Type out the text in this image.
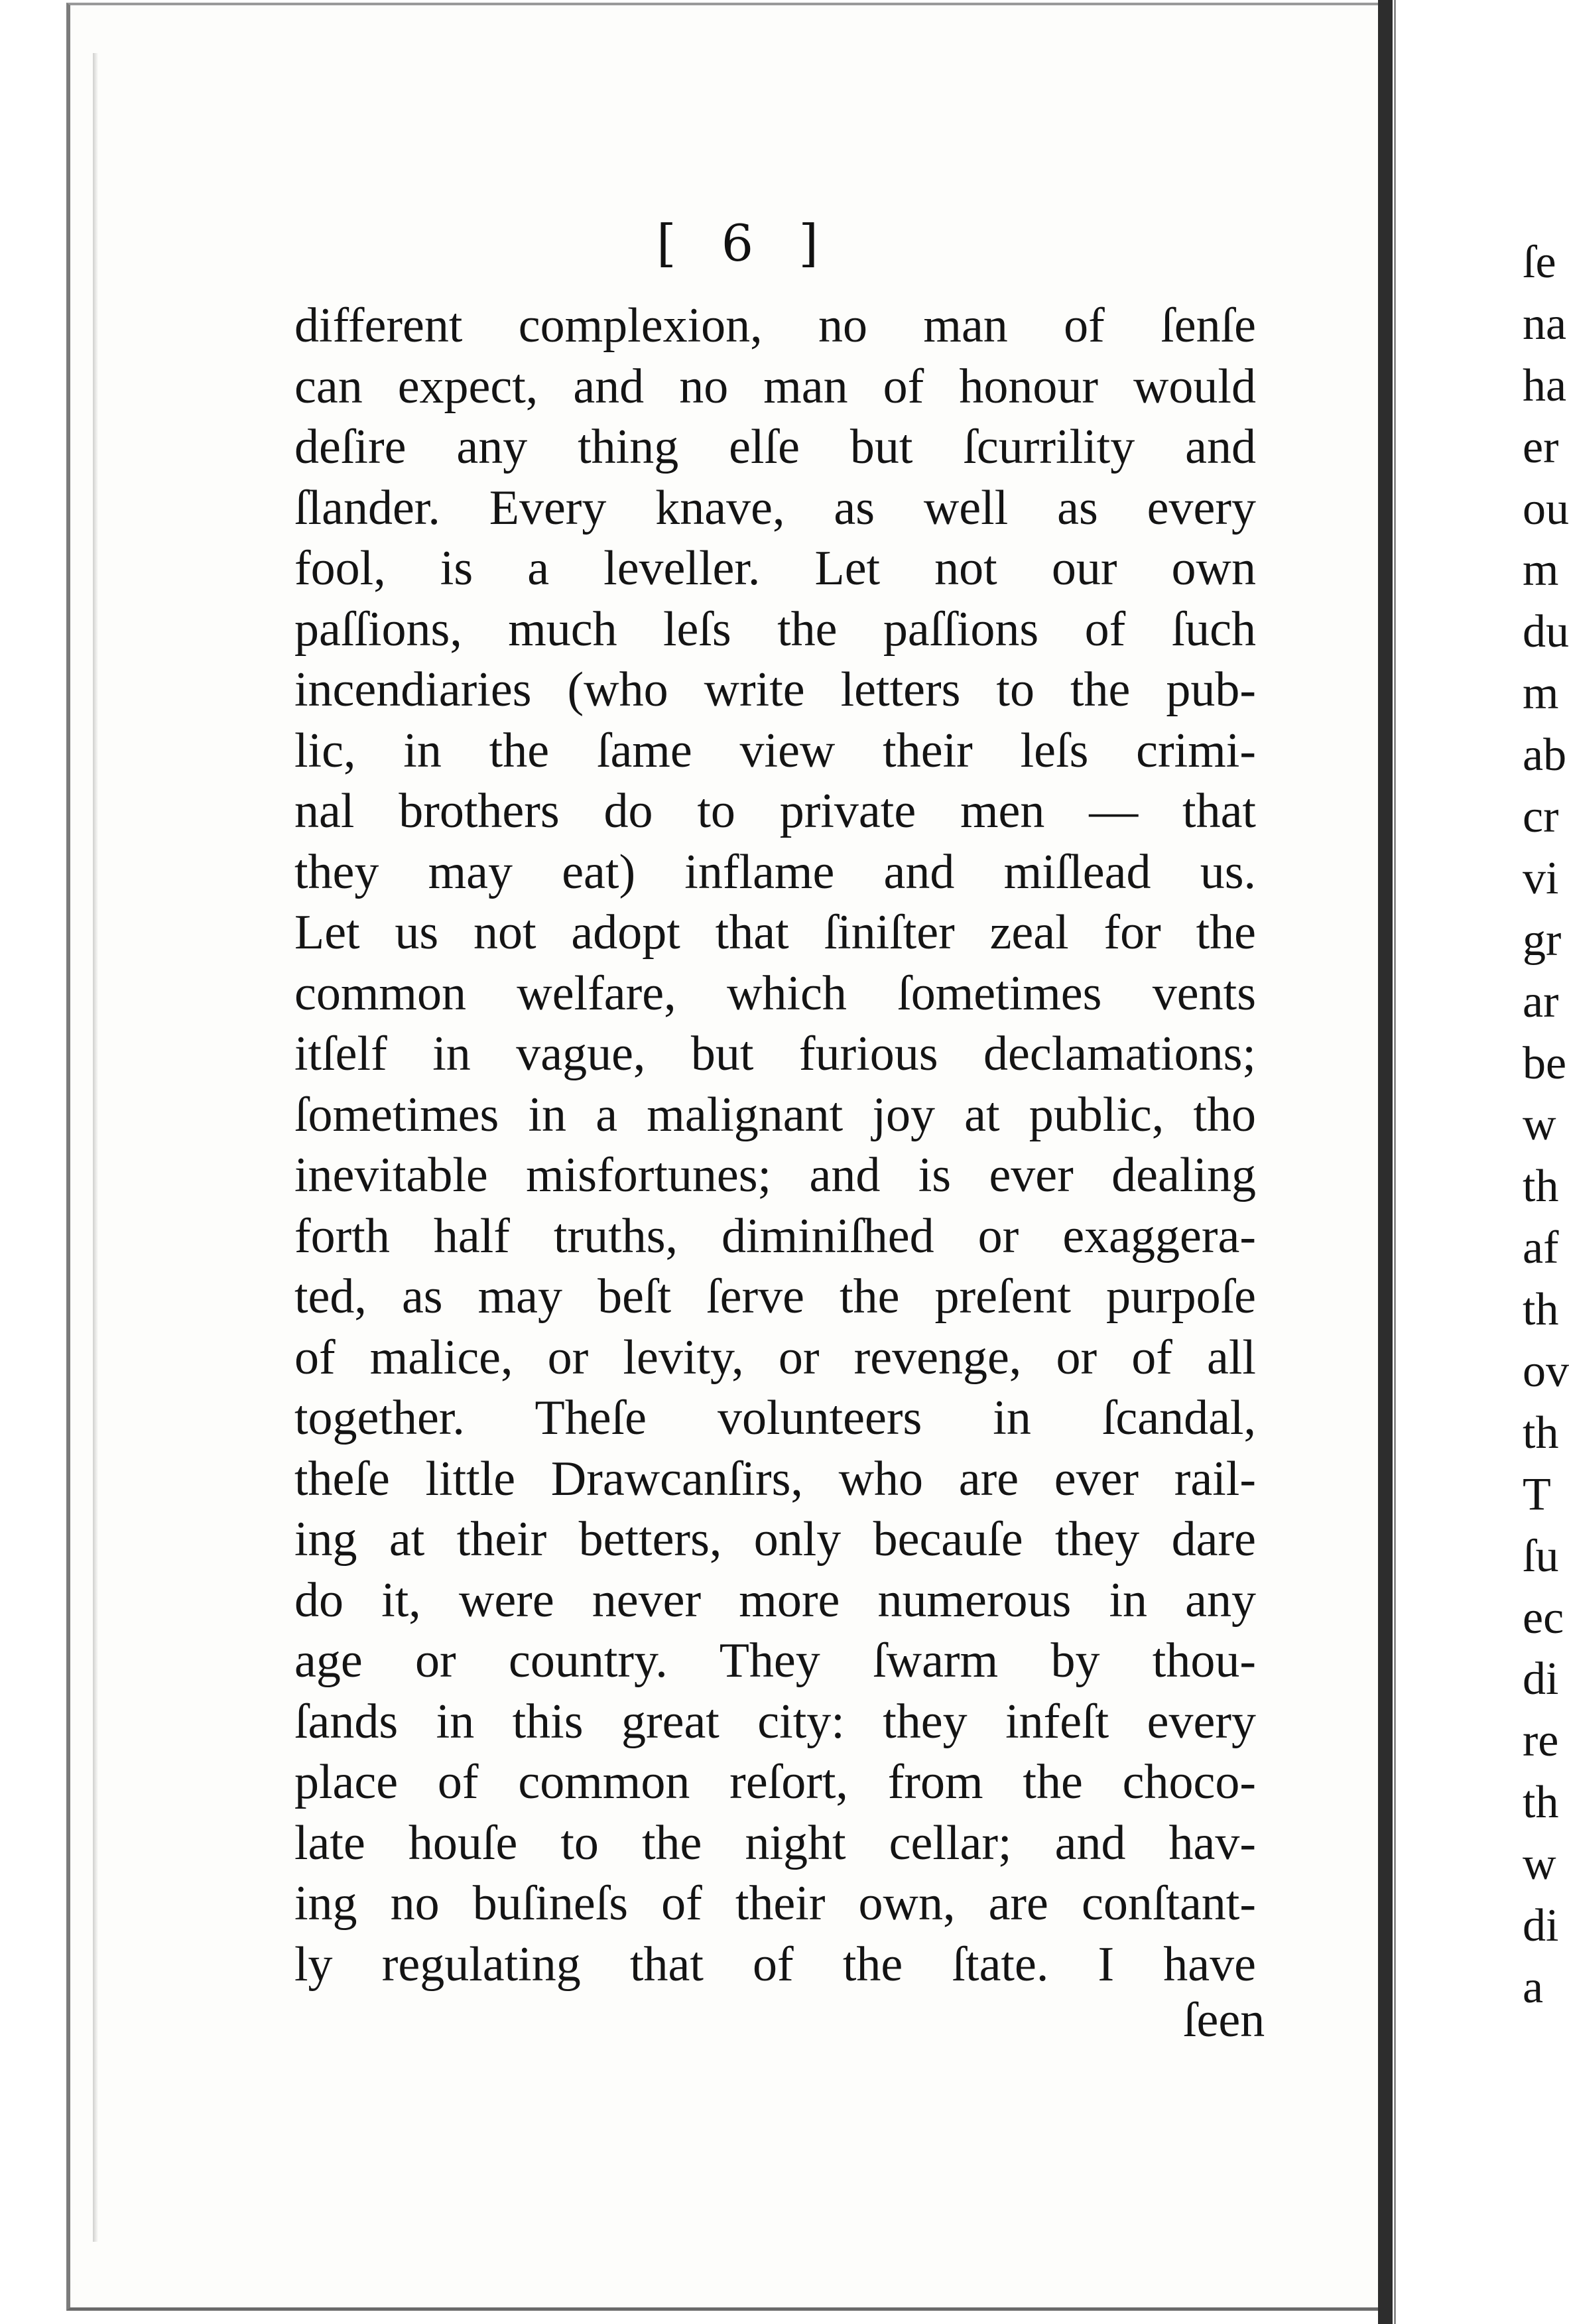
[ 6 ]
different complexion, no man of ſenſe
can expect, and no man of honour would
deſire any thing elſe but ſcurrility and
ſlander. Every knave, as well as every
fool, is a leveller. Let not our own
paſſions, much leſs the paſſions of ſuch
incendiaries (who write letters to the pub-
lic, in the ſame view their leſs crimi-
nal brothers do to private men — that
they may eat) inflame and miſlead us.
Let us not adopt that ſiniſter zeal for the
common welfare, which ſometimes vents
itſelf in vague, but furious declamations;
ſometimes in a malignant joy at public, tho
inevitable misfortunes; and is ever dealing
forth half truths, diminiſhed or exaggera-
ted, as may beſt ſerve the preſent purpoſe
of malice, or levity, or revenge, or of all
together. Theſe volunteers in ſcandal,
theſe little Drawcanſirs, who are ever rail-
ing at their betters, only becauſe they dare
do it, were never more numerous in any
age or country. They ſwarm by thou-
ſands in this great city: they infeſt every
place of common reſort, from the choco-
late houſe to the night cellar; and hav-
ing no buſineſs of their own, are conſtant-
ly regulating that of the ſtate. I have
ſeen
ſe
na
ha
er
ou
m
du
m
ab
cr
vi
gr
ar
be
w
th
af
th
ov
th
T
ſu
ec
di
re
th
w
di
a
